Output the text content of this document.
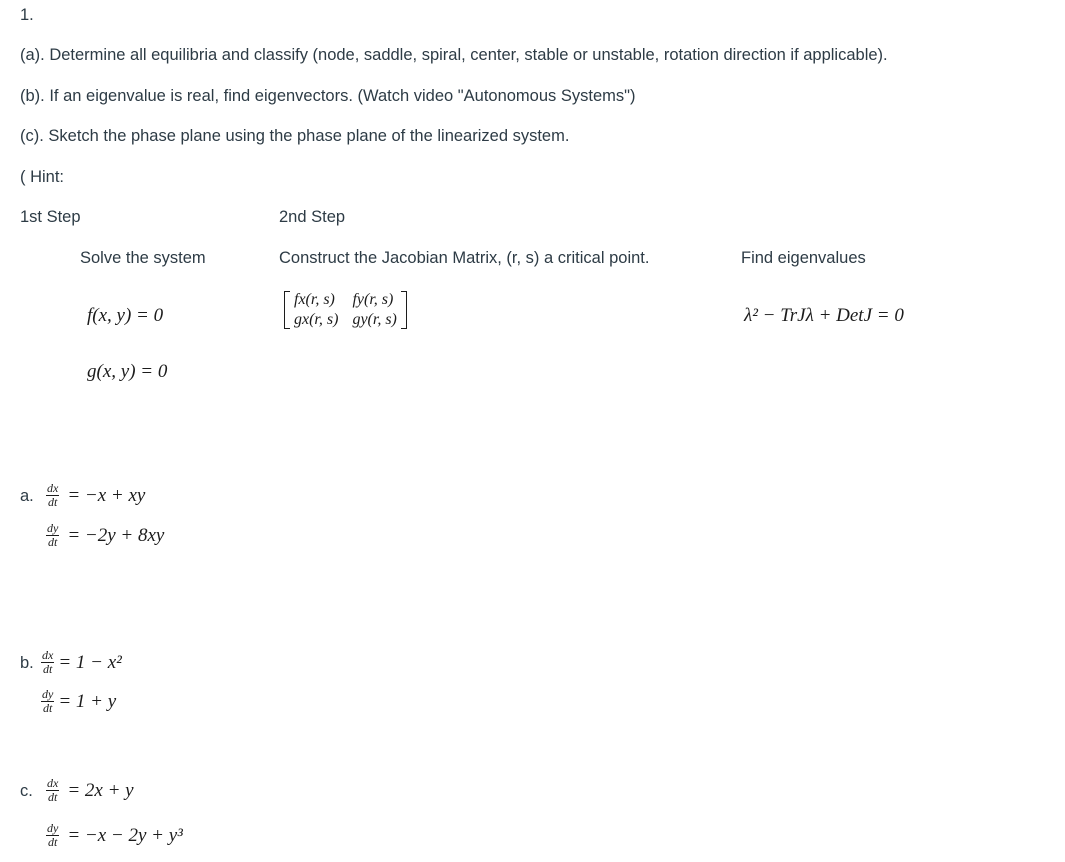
1.
(a). Determine all equilibria and classify (node, saddle, spiral, center, stable or unstable, rotation direction if applicable).
(b). If an eigenvalue is real, find eigenvectors. (Watch video "Autonomous Systems")
(c). Sketch the phase plane using the phase plane of the linearized system.
( Hint:
1st Step	2nd Step
Solve the system	Construct the Jacobian Matrix, (r, s) a critical point.	Find eigenvalues
f(x, y) = 0
fx(r, s) fy(r, s)
gx(r, s) gy(r, s)	λ² − TrJλ + DetJ = 0
g(x, y) = 0
a. $\frac{dx}{dt} = -x$ + xy
$\frac{dy}{dt} = -2y + 8xy$
b. $\frac{dx}{dt} = 1 - x^2$
$\frac{dy}{dt} = 1 + y$
c. $\frac{dx}{dt} = 2x + y$
$\frac{dy}{dt} = -x - 2y + y^3$
